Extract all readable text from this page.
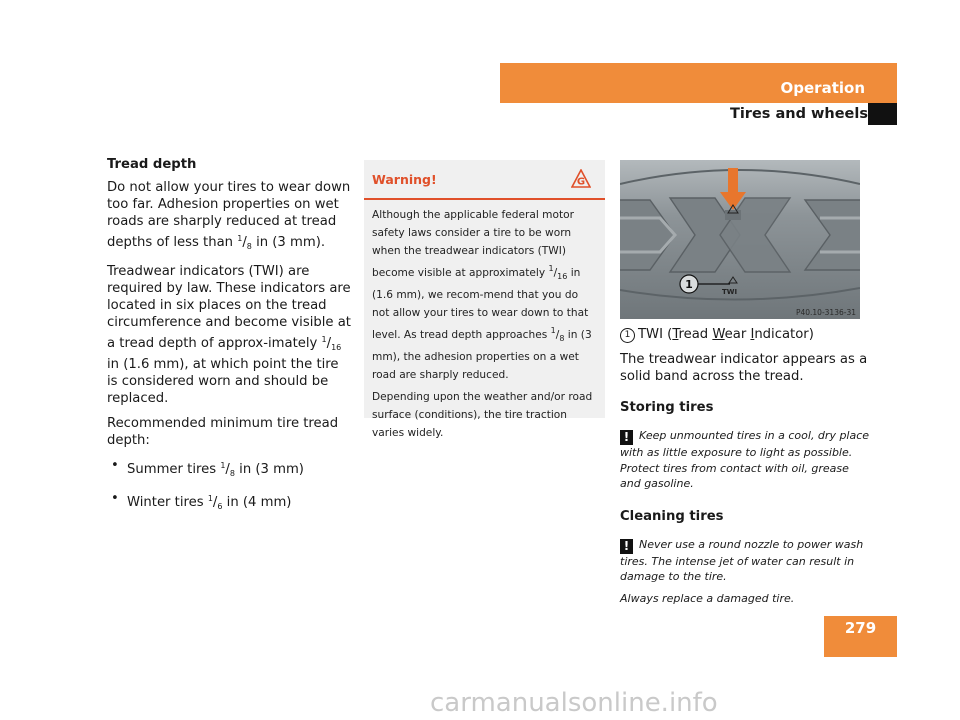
Operation
Tires and wheels

Tread depth

Do not allow your tires to wear down too far. Adhesion properties on wet roads are sharply reduced at tread depths of less than $^1/_8$ in (3 mm).

Treadwear indicators (TWI) are required by law. These indicators are located in six places on the tread circumference and become visible at a tread depth of approx-imately $^1/_{16}$ in (1.6 mm), at which point the tire is considered worn and should be replaced.

Recommended minimum tire tread depth:

• Summer tires $^1/_8$ in (3 mm)
• Winter tires $^1/_6$ in (4 mm)
Warning!	G

Although the applicable federal motor safety laws consider a tire to be worn when the treadwear indicators (TWI) become visible at approximately $^1/_{16}$ in (1.6 mm), we recom-mend that you do not allow your tires to wear down to that level. As tread depth approaches $^1/_8$ in (3 mm), the adhesion properties on a wet road are sharply reduced.

Depending upon the weather and/or road surface (conditions), the tire traction varies widely.

1
TWI
P40.10-3136-31

1 TWI (Tread Wear Indicator)

The treadwear indicator appears as a solid band across the tread.

Storing tires

! Keep unmounted tires in a cool, dry place with as little exposure to light as possible. Protect tires from contact with oil, grease and gasoline.

Cleaning tires

! Never use a round nozzle to power wash tires. The intense jet of water can result in damage to the tire.

Always replace a damaged tire.

279
carmanualsonline.info
